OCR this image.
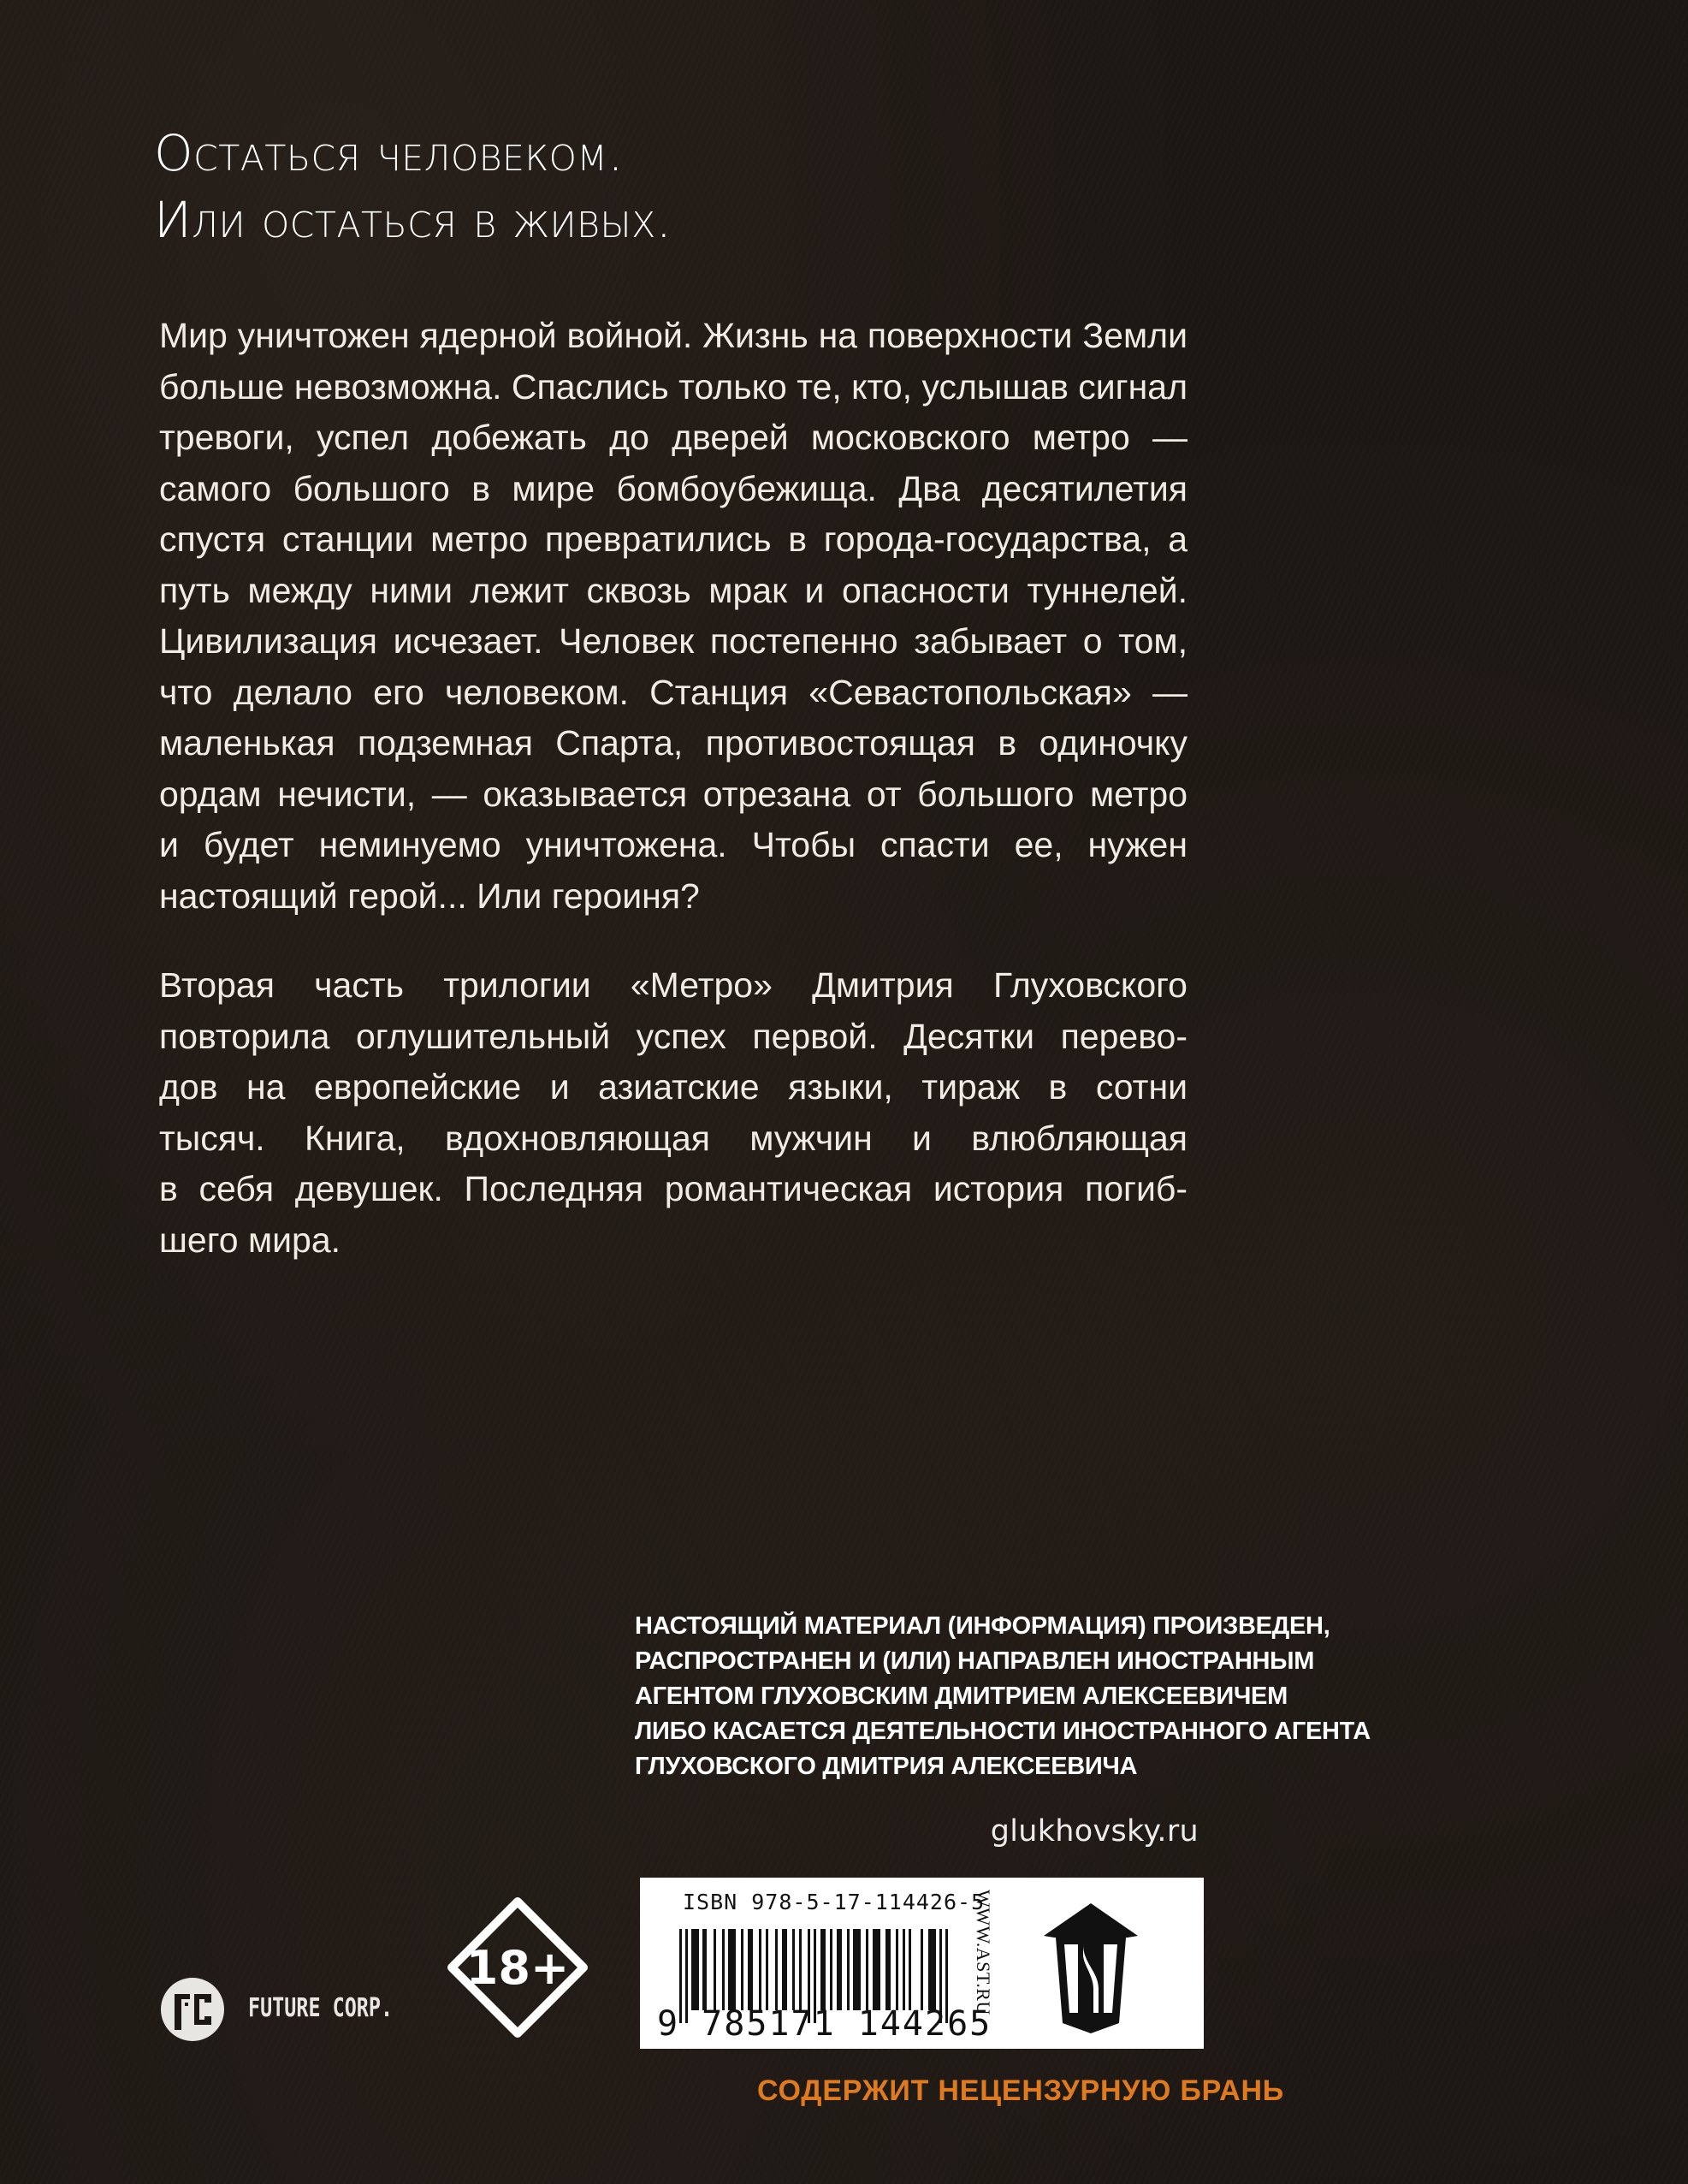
Остаться человеком.
Или остаться в живых.
Мир уничтожен ядерной войной. Жизнь на поверхности Земли
больше невозможна. Спаслись только те, кто, услышав сигнал
тревоги, успел добежать до дверей московского метро —
самого большого в мире бомбоубежища. Два десятилетия
спустя станции метро превратились в города-государства, а
путь между ними лежит сквозь мрак и опасности туннелей.
Цивилизация исчезает. Человек постепенно забывает о том,
что делало его человеком. Станция «Севастопольская» —
маленькая подземная Спарта, противостоящая в одиночку
ордам нечисти, — оказывается отрезана от большого метро
и будет неминуемо уничтожена. Чтобы спасти ее, нужен
настоящий герой... Или героиня?
Вторая часть трилогии «Метро» Дмитрия Глуховского
повторила оглушительный успех первой. Десятки перево-
дов на европейские и азиатские языки, тираж в сотни
тысяч. Книга, вдохновляющая мужчин и влюбляющая
в себя девушек. Последняя романтическая история погиб-
шего мира.
НАСТОЯЩИЙ МАТЕРИАЛ (ИНФОРМАЦИЯ) ПРОИЗВЕДЕН,
РАСПРОСТРАНЕН И (ИЛИ) НАПРАВЛЕН ИНОСТРАННЫМ
АГЕНТОМ ГЛУХОВСКИМ ДМИТРИЕМ АЛЕКСЕЕВИЧЕМ
ЛИБО КАСАЕТСЯ ДЕЯТЕЛЬНОСТИ ИНОСТРАННОГО АГЕНТА
ГЛУХОВСКОГО ДМИТРИЯ АЛЕКСЕЕВИЧА
glukhovsky.ru
ISBN 978-5-17-114426-5
9 785171 144265
WWW.AST.RU
18+
FUTURE CORP.
СОДЕРЖИТ НЕЦЕНЗУРНУЮ БРАНЬ
